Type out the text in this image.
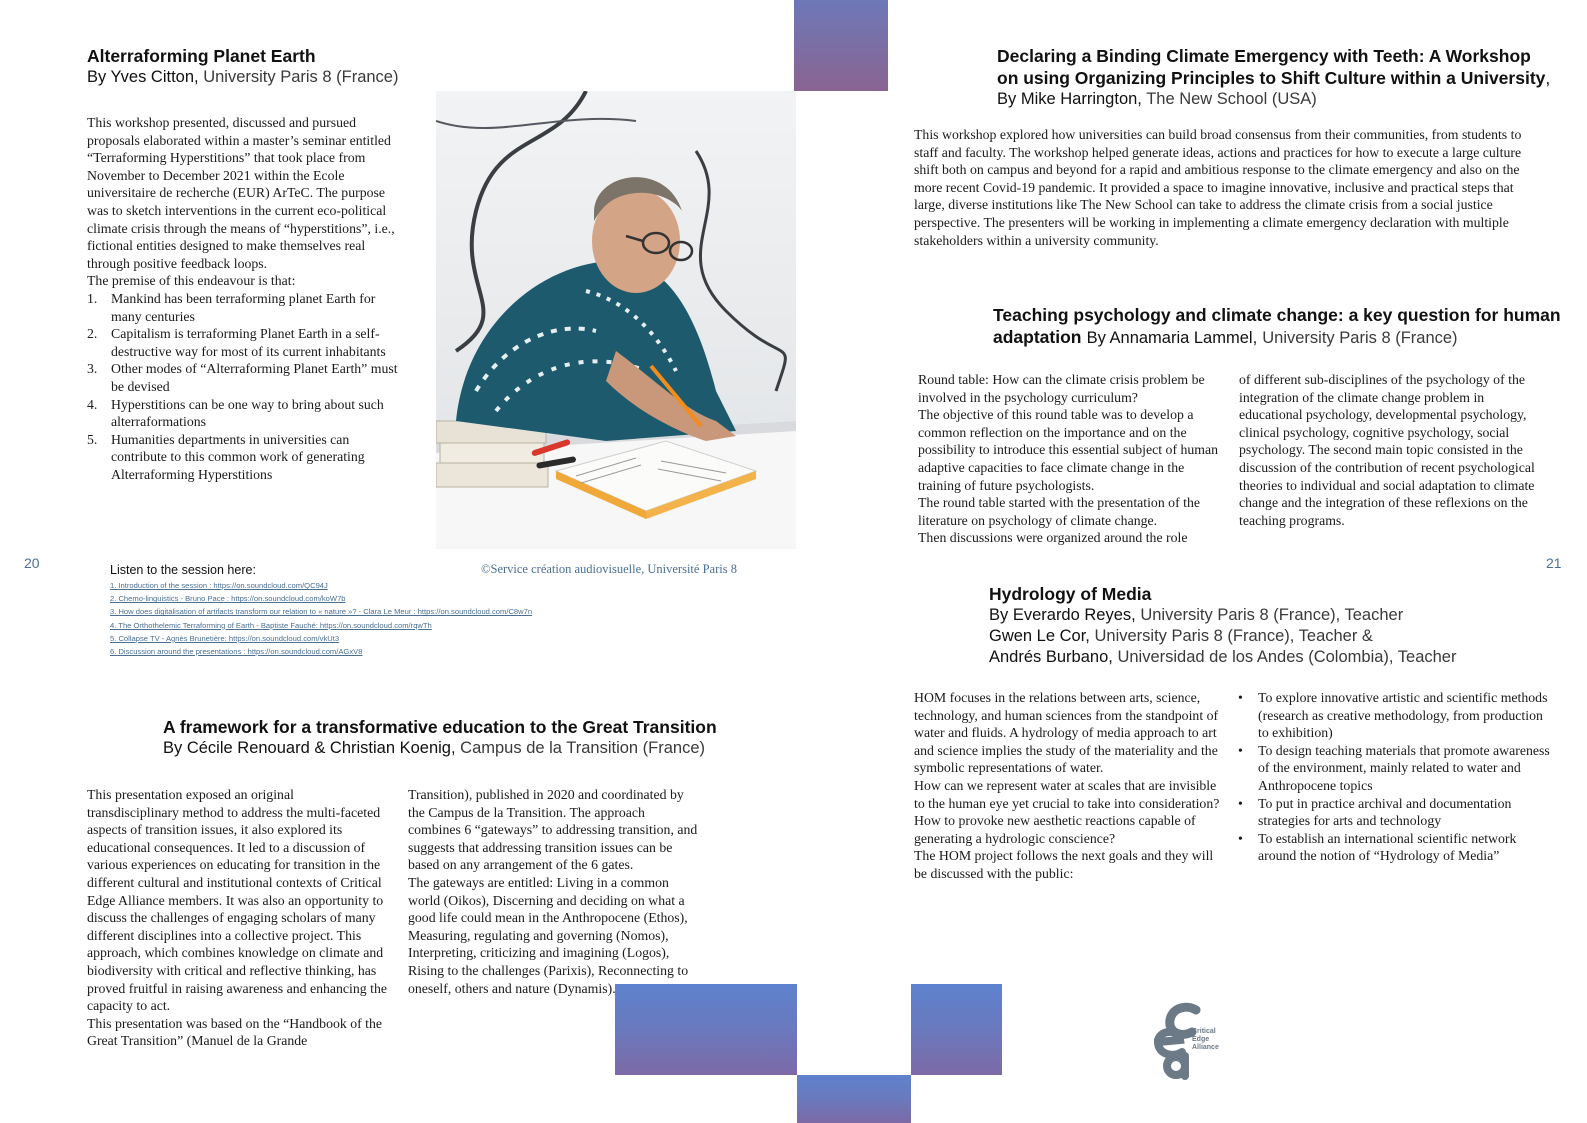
20	21
Alterraforming Planet Earth
By Yves Citton, University Paris 8 (France)

This workshop presented, discussed and pursued proposals elaborated within a master’s seminar entitled “Terraforming Hyperstitions” that took place from November to December 2021 within the Ecole universitaire de recherche (EUR) ArTeC. The purpose was to sketch interventions in the current eco-political climate crisis through the means of “hyperstitions”, i.e., fictional entities designed to make themselves real through positive feedback loops.

The premise of this endeavour is that:

1. Mankind has been terraforming planet Earth for many centuries
2. Capitalism is terraforming Planet Earth in a self-destructive way for most of its current inhabitants
3. Other modes of “Alterraforming Planet Earth” must be devised
4. Hyperstitions can be one way to bring about such alterraformations
5. Humanities departments in universities can contribute to this common work of generating Alterraforming Hyperstitions
©Service création audiovisuelle, Université Paris 8
Listen to the session here:
1. Introduction of the session : https://on.soundcloud.com/QC94J
2. Chemo-linguistics - Bruno Pace : https://on.soundcloud.com/koW7b
3. How does digitalisation of artifacts transform our relation to « nature »? - Clara Le Meur : https://on.soundcloud.com/C8w7n
4. The Orthothelemic Terraforming of Earth - Baptiste Fauché: https://on.soundcloud.com/rqwTh
5. Collapse TV - Agnès Brunetière: https://on.soundcloud.com/vkUt3
6. Discussion around the presentations : https://on.soundcloud.com/AGxV8
A framework for a transformative education to the Great Transition
By Cécile Renouard & Christian Koenig, Campus de la Transition (France)

This presentation exposed an original transdisciplinary method to address the multi-faceted aspects of transition issues, it also explored its educational consequences. It led to a discussion of various experiences on educating for transition in the different cultural and institutional contexts of Critical Edge Alliance members. It was also an opportunity to discuss the challenges of engaging scholars of many different disciplines into a collective project. This approach, which combines knowledge on climate and biodiversity with critical and reflective thinking, has proved fruitful in raising awareness and enhancing the capacity to act.

This presentation was based on the “Handbook of the Great Transition” (Manuel de la Grande

Transition), published in 2020 and coordinated by the Campus de la Transition. The approach combines 6 “gateways” to addressing transition, and suggests that addressing transition issues can be based on any arrangement of the 6 gates.

The gateways are entitled: Living in a common world (Oikos), Discerning and deciding on what a good life could mean in the Anthropocene (Ethos), Measuring, regulating and governing (Nomos), Interpreting, criticizing and imagining (Logos), Rising to the challenges (Parixis), Reconnecting to oneself, others and nature (Dynamis).

Declaring a Binding Climate Emergency with Teeth: A Workshop on using Organizing Principles to Shift Culture within a University,
By Mike Harrington, The New School (USA)

This workshop explored how universities can build broad consensus from their communities, from students to staff and faculty. The workshop helped generate ideas, actions and practices for how to execute a large culture shift both on campus and beyond for a rapid and ambitious response to the climate emergency and also on the more recent Covid-19 pandemic. It provided a space to imagine innovative, inclusive and practical steps that large, diverse institutions like The New School can take to address the climate crisis from a social justice perspective. The presenters will be working in implementing a climate emergency declaration with multiple stakeholders within a university community.

Teaching psychology and climate change: a key question for human
adaptation By Annamaria Lammel, University Paris 8 (France)

Round table: How can the climate crisis problem be involved in the psychology curriculum?

The objective of this round table was to develop a common reflection on the importance and on the possibility to introduce this essential subject of human adaptive capacities to face climate change in the training of future psychologists.

The round table started with the presentation of the literature on psychology of climate change.

Then discussions were organized around the role

of different sub-disciplines of the psychology of the integration of the climate change problem in educational psychology, developmental psychology, clinical psychology, cognitive psychology, social psychology. The second main topic consisted in the discussion of the contribution of recent psychological theories to individual and social adaptation to climate change and the integration of these reflexions on the teaching programs.

Hydrology of Media
By Everardo Reyes, University Paris 8 (France), Teacher
Gwen Le Cor, University Paris 8 (France), Teacher &
Andrés Burbano, Universidad de los Andes (Colombia), Teacher

HOM focuses in the relations between arts, science, technology, and human sciences from the standpoint of water and fluids. A hydrology of media approach to art and science implies the study of the materiality and the symbolic representations of water.

How can we represent water at scales that are invisible to the human eye yet crucial to take into consideration? How to provoke new aesthetic reactions capable of generating a hydrologic conscience?

The HOM project follows the next goals and they will be discussed with the public:

• To explore innovative artistic and scientific methods (research as creative methodology, from production to exhibition)
• To design teaching materials that promote awareness of the environment, mainly related to water and Anthropocene topics
• To put in practice archival and documentation strategies for arts and technology
• To establish an international scientific network around the notion of “Hydrology of Media”
Critical
Edge
Alliance
